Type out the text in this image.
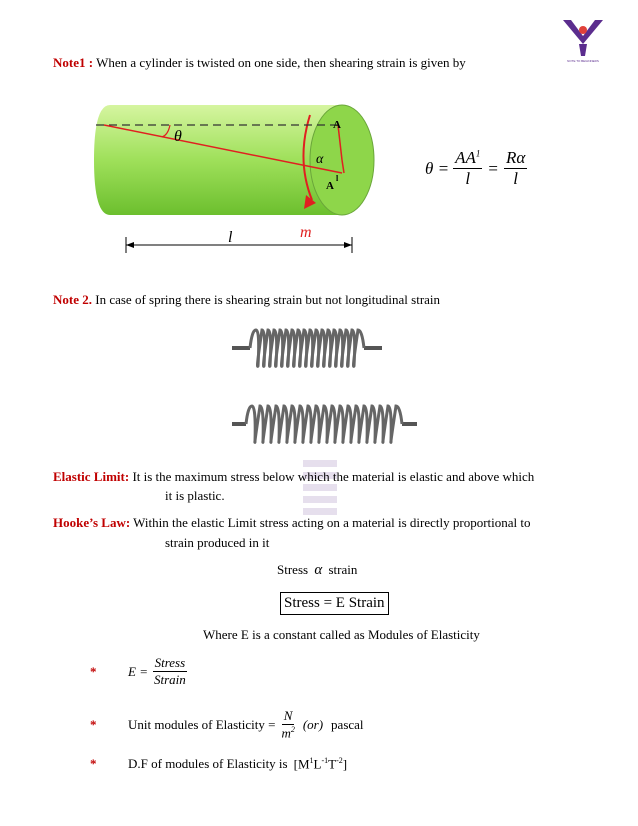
NOTE TO BEGINNERS
Note1 : When a cylinder is twisted on one side, then shearing strain is given by
θ
α
A
A
l
l	m
$\theta = \frac{AA^1}{l} = \frac{R\alpha}{l}$
Note 2. In case of spring there is shearing strain but not longitudinal strain
Elastic Limit: It is the maximum stress below which the material is elastic and above which
it is plastic.
Hooke’s Law: Within the elastic Limit stress acting on a material is directly proportional to
strain produced in it
Stress α strain
Stress = E Strain
Where E is a constant called as Modules of Elasticity
*	$E = \frac{\text{Stress}}{\text{Strain}}$
*	Unit modules of Elasticity = $\frac{N}{m^2} (or)$ pascal
*	D.F of modules of Elasticity is $[M^1L^{-1}T^{-2}]$
